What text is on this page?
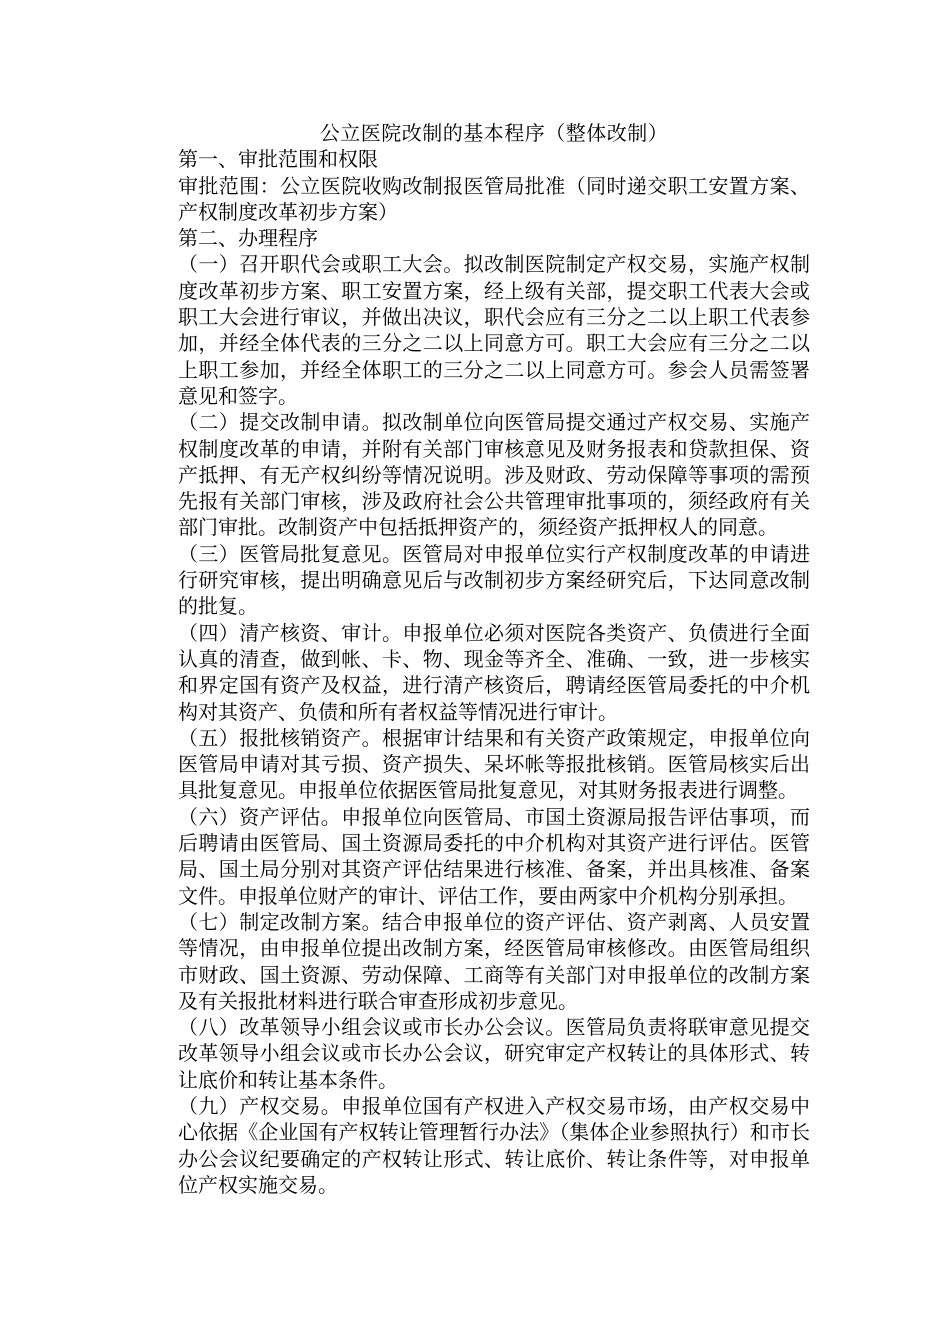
公立医院改制的基本程序（整体改制）

第一、审批范围和权限

审批范围：公立医院收购改制报医管局批准（同时递交职工安置方案、产权制度改革初步方案）

第二、办理程序

（一）召开职代会或职工大会。拟改制医院制定产权交易，实施产权制度改革初步方案、职工安置方案，经上级有关部，提交职工代表大会或职工大会进行审议，并做出决议，职代会应有三分之二以上职工代表参加，并经全体代表的三分之二以上同意方可。职工大会应有三分之二以上职工参加，并经全体职工的三分之二以上同意方可。参会人员需签署意见和签字。

（二）提交改制申请。拟改制单位向医管局提交通过产权交易、实施产权制度改革的申请，并附有关部门审核意见及财务报表和贷款担保、资产抵押、有无产权纠纷等情况说明。涉及财政、劳动保障等事项的需预先报有关部门审核，涉及政府社会公共管理审批事项的，须经政府有关部门审批。改制资产中包括抵押资产的，须经资产抵押权人的同意。

（三）医管局批复意见。医管局对申报单位实行产权制度改革的申请进行研究审核，提出明确意见后与改制初步方案经研究后，下达同意改制的批复。

（四）清产核资、审计。申报单位必须对医院各类资产、负债进行全面认真的清查，做到帐、卡、物、现金等齐全、准确、一致，进一步核实和界定国有资产及权益，进行清产核资后，聘请经医管局委托的中介机构对其资产、负债和所有者权益等情况进行审计。

（五）报批核销资产。根据审计结果和有关资产政策规定，申报单位向医管局申请对其亏损、资产损失、呆坏帐等报批核销。医管局核实后出具批复意见。申报单位依据医管局批复意见，对其财务报表进行调整。

（六）资产评估。申报单位向医管局、市国土资源局报告评估事项，而后聘请由医管局、国土资源局委托的中介机构对其资产进行评估。医管局、国土局分别对其资产评估结果进行核准、备案，并出具核准、备案文件。申报单位财产的审计、评估工作，要由两家中介机构分别承担。

（七）制定改制方案。结合申报单位的资产评估、资产剥离、人员安置等情况，由申报单位提出改制方案，经医管局审核修改。由医管局组织市财政、国土资源、劳动保障、工商等有关部门对申报单位的改制方案及有关报批材料进行联合审查形成初步意见。

（八）改革领导小组会议或市长办公会议。医管局负责将联审意见提交改革领导小组会议或市长办公会议，研究审定产权转让的具体形式、转让底价和转让基本条件。

（九）产权交易。申报单位国有产权进入产权交易市场，由产权交易中心依据《企业国有产权转让管理暂行办法》（集体企业参照执行）和市长办公会议纪要确定的产权转让形式、转让底价、转让条件等，对申报单位产权实施交易。
